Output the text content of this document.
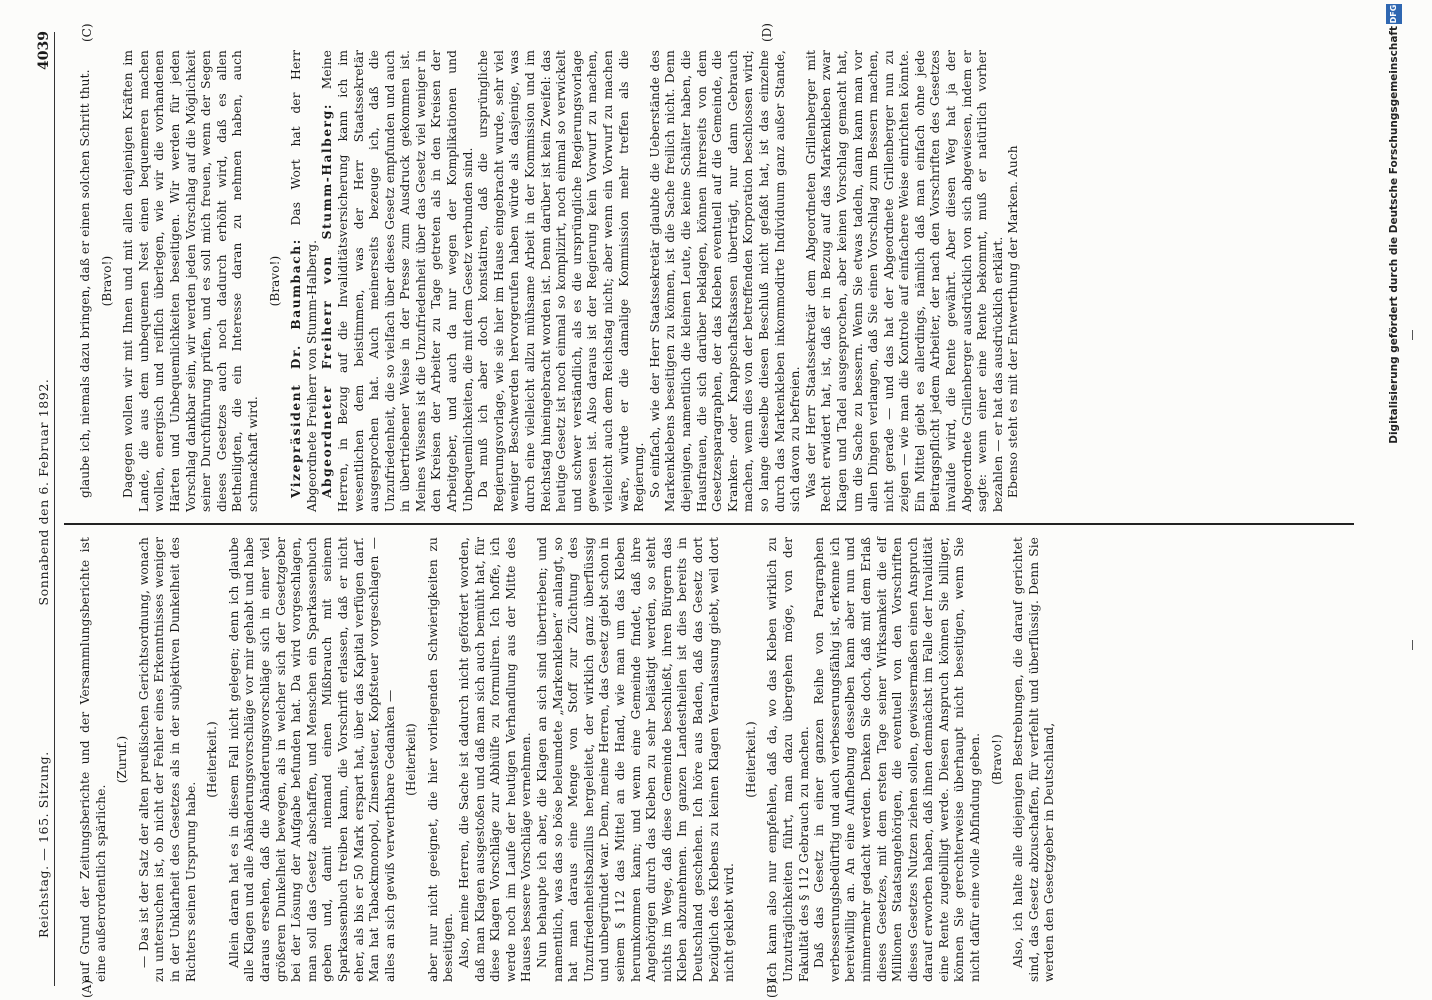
Reichstag. — 165. Sitzung.
Sonnabend den 6. Februar 1892.
4039
(A)	(B)
(C)	(D)

auf Grund der Zeitungsberichte und der Versammlungsberichte ist eine außerordentlich spärliche.

(Zuruf.) — Das ist der Satz der alten preußischen Gerichtsordnung, wonach zu untersuchen ist, ob nicht der Fehler eines Erkenntnisses weniger in der Unklarheit des Gesetzes als in der subjektiven Dunkelheit des Richters seinen Ursprung habe.

(Heiterkeit.) Allein daran hat es in diesem Fall nicht gelegen; denn ich glaube alle Klagen und alle Abänderungsvorschläge vor mir gehabt und habe daraus ersehen, daß die Abänderungsvorschläge sich in einer viel größeren Dunkelheit bewegen, als in welcher sich der Gesetzgeber bei der Lösung der Aufgabe befunden hat. Da wird vorgeschlagen, man soll das Gesetz abschaffen, und Menschen ein Sparkassenbuch geben und, damit niemand einen Mißbrauch mit seinem Sparkassenbuch treiben kann, die Vorschrift erlassen, daß er nicht eher, als bis er 50 Mark erspart hat, über das Kapital verfügen darf. Man hat Tabackmonopol, Zinsensteuer, Kopfsteuer vorgeschlagen — alles an sich gewiß verwerthbare Gedanken — (Heiterkeit) aber nur nicht geeignet, die hier vorliegenden Schwierigkeiten zu beseitigen. Also, meine Herren, die Sache ist dadurch nicht gefördert worden, daß man Klagen ausgestoßen und daß man sich auch bemüht hat, für diese Klagen Vorschläge zur Abhülfe zu formuliren. Ich hoffe, ich werde noch im Laufe der heutigen Verhandlung aus der Mitte des Hauses bessere Vorschläge vernehmen. Nun behaupte ich aber, die Klagen an sich sind übertrieben; und namentlich, was das so böse beleumdete „Markenkleben“ anlangt, so hat man daraus eine Menge von Stoff zur Züchtung des Unzufriedenheitsbazillus hergeleitet, der wirklich ganz überflüssig und unbegründet war. Denn, meine Herren, das Gesetz giebt schon in seinem § 112 das Mittel an die Hand, wie man um das Kleben herumkommen kann; und wenn eine Gemeinde findet, daß ihre Angehörigen durch das Kleben zu sehr belästigt werden, so steht nichts im Wege, daß diese Gemeinde beschließt, ihren Bürgern das Kleben abzunehmen. Im ganzen Landestheilen ist dies bereits in Deutschland geschehen. Ich höre aus Baden, daß das Gesetz dort bezüglich des Klebens zu keinen Klagen Veranlassung giebt, weil dort nicht geklebt wird.

(Heiterkeit.) Ich kann also nur empfehlen, daß da, wo das Kleben wirklich zu Unzuträglichkeiten führt, man dazu übergehen möge, von der Fakultät des § 112 Gebrauch zu machen. Daß das Gesetz in einer ganzen Reihe von Paragraphen verbesserungsbedürftig und auch verbesserungsfähig ist, erkenne ich bereitwillig an. An eine Aufhebung desselben kann aber nun und nimmermehr gedacht werden. Denken Sie doch, daß mit dem Erlaß dieses Gesetzes, mit dem ersten Tage seiner Wirksamkeit die elf Millionen Staatsangehörigen, die eventuell von den Vorschriften dieses Gesetzes Nutzen ziehen sollen, gewissermaßen einen Anspruch darauf erworben haben, daß ihnen demnächst im Falle der Invalidität eine Rente zugebilligt werde. Diesen Anspruch können Sie billiger, können Sie gerechterweise überhaupt nicht beseitigen, wenn Sie nicht dafür eine volle Abfindung geben. (Bravo!) Also, ich halte alle diejenigen Bestrebungen, die darauf gerichtet sind, das Gesetz abzuschaffen, für verfehlt und überflüssig. Denn Sie werden den Gesetzgeber in Deutschland,

glaube ich, niemals dazu bringen, daß er einen solchen Schritt thut. (Bravo!) Dagegen wollen wir mit Ihnen und mit allen denjenigen Kräften im Lande, die aus dem unbequemen Nest einen bequemeren machen wollen, energisch und reiflich überlegen, wie wir die vorhandenen Härten und Unbequemlichkeiten beseitigen. Wir werden für jeden Vorschlag dankbar sein, wir werden jeden Vorschlag auf die Möglichkeit seiner Durchführung prüfen, und es soll mich freuen, wenn der Segen dieses Gesetzes auch noch dadurch erhöht wird, daß es allen Betheiligten, die ein Interesse daran zu nehmen haben, auch schmackhaft wird.

(Bravo!) Vizepräsident Dr. Baumbach: Das Wort hat der Herr Abgeordnete Freiherr von Stumm-Halberg. Abgeordneter Freiherr von Stumm-Halberg: Meine Herren, in Bezug auf die Invaliditätsversicherung kann ich im wesentlichen dem beistimmen, was der Herr Staatssekretär ausgesprochen hat. Auch meinerseits bezeuge ich, daß die Unzufriedenheit, die so vielfach über dieses Gesetz empfunden und auch in übertriebener Weise in der Presse zum Ausdruck gekommen ist. Meines Wissens ist die Unzufriedenheit über das Gesetz viel weniger in den Kreisen der Arbeiter zu Tage getreten als in den Kreisen der Arbeitgeber, und auch da nur wegen der Komplikationen und Unbequemlichkeiten, die mit dem Gesetz verbunden sind. Da muß ich aber doch konstatiren, daß die ursprüngliche Regierungsvorlage, wie sie hier im Hause eingebracht wurde, sehr viel weniger Beschwerden hervorgerufen haben würde als dasjenige, was durch eine vielleicht allzu mühsame Arbeit in der Kommission und im Reichstag hineingebracht worden ist. Denn darüber ist kein Zweifel: das heutige Gesetz ist noch einmal so komplizirt, noch einmal so verwickelt und schwer verständlich, als es die ursprüngliche Regierungsvorlage gewesen ist. Also daraus ist der Regierung kein Vorwurf zu machen, vielleicht auch dem Reichstag nicht; aber wenn ein Vorwurf zu machen wäre, würde er die damalige Kommission mehr treffen als die Regierung. So einfach, wie der Herr Staatssekretär glaubte die Ueberstände des Markenklebens beseitigen zu können, ist die Sache freilich nicht. Denn diejenigen, namentlich die kleinen Leute, die keine Schälter haben, die Hausfrauen, die sich darüber beklagen, können ihrerseits von dem Gesetzesparagraphen, der das Kleben eventuell auf die Gemeinde, die Kranken- oder Knappschaftskassen überträgt, nur dann Gebrauch machen, wenn dies von der betreffenden Korporation beschlossen wird; so lange dieselbe diesen Beschluß nicht gefaßt hat, ist das einzelne durch das Markenkleben inkommodirte Individuum ganz außer Stande, sich davon zu befreien. Was der Herr Staatssekretär dem Abgeordneten Grillenberger mit Recht erwidert hat, ist, daß er in Bezug auf das Markenkleben zwar Klagen und Tadel ausgesprochen, aber keinen Vorschlag gemacht hat, um die Sache zu bessern. Wenn Sie etwas tadeln, dann kann man vor allen Dingen verlangen, daß Sie einen Vorschlag zum Bessern machen, nicht gerade — und das hat der Abgeordnete Grillenberger nun zu zeigen — wie man die Kontrole auf einfachere Weise einrichten könnte. Ein Mittel giebt es allerdings, nämlich daß man einfach ohne jede Beitragspflicht jedem Arbeiter, der nach den Vorschriften des Gesetzes invalide wird, die Rente gewährt. Aber diesen Weg hat ja der Abgeordnete Grillenberger ausdrücklich von sich abgewiesen, indem er sagte: wenn einer eine Rente bekommt, muß er natürlich vorher bezahlen — er hat das ausdrücklich erklärt. Ebenso steht es mit der Entwerthung der Marken. Auch	Digitalisierung gefördert durch die Deutsche Forschungsgemeinschaft
DFG
